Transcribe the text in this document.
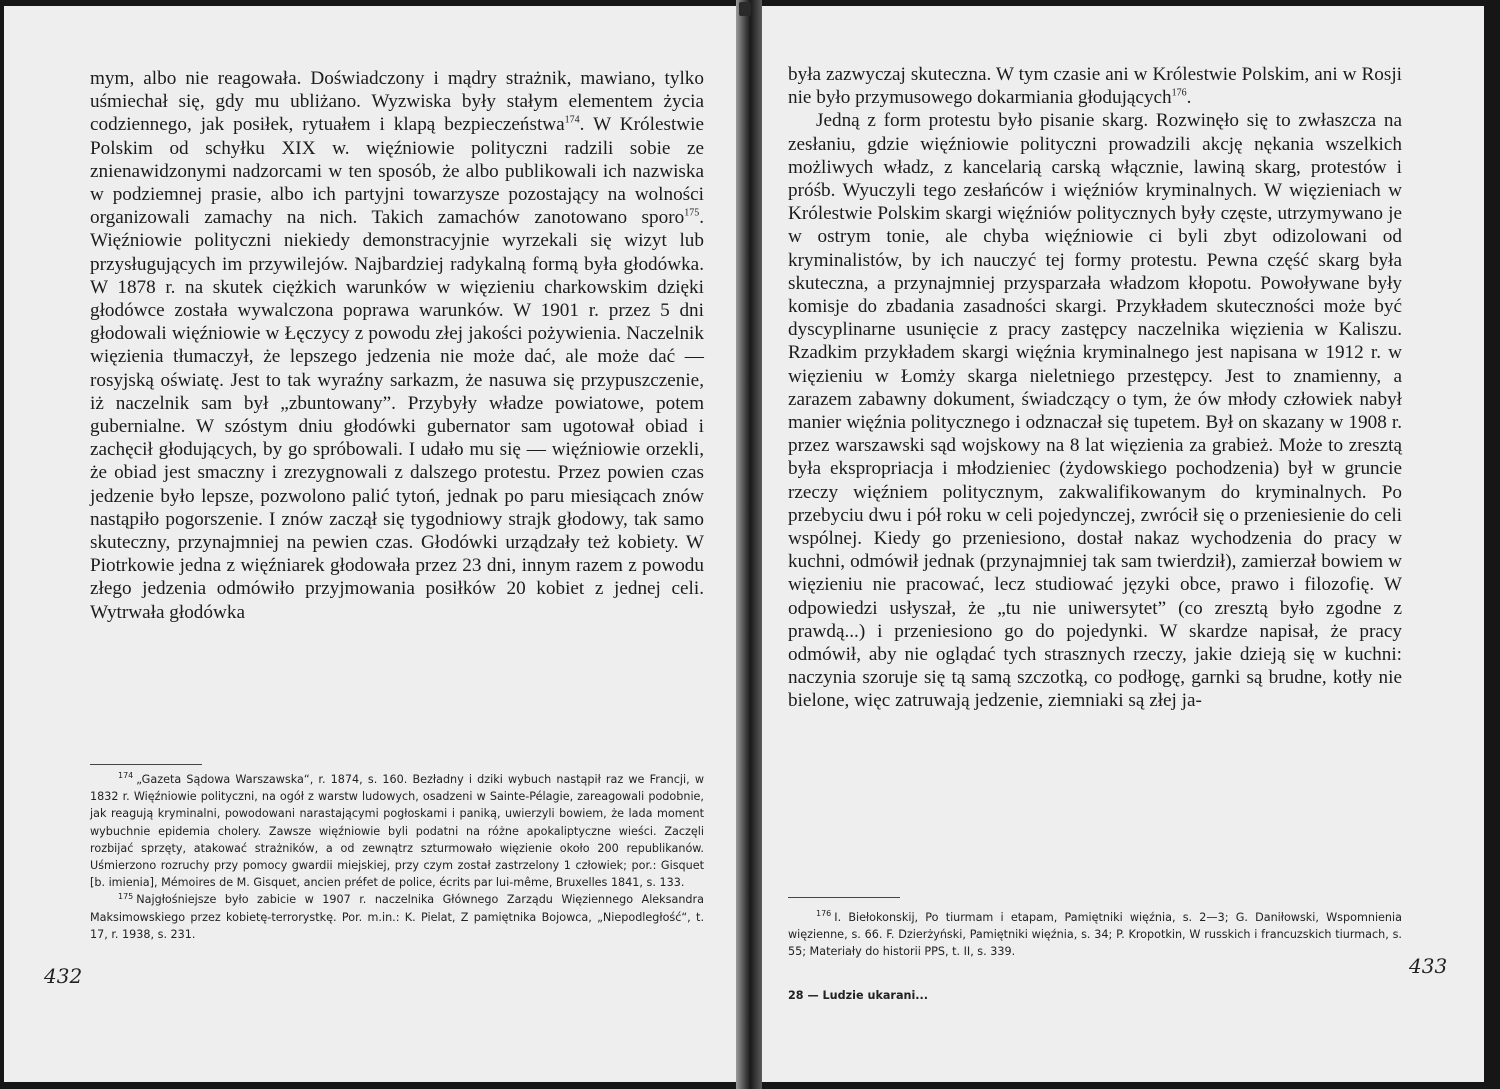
mym, albo nie reagowała. Doświadczony i mądry strażnik, mawiano, tylko uśmiechał się, gdy mu ubliżano. Wyzwiska były stałym elementem życia codziennego, jak posiłek, rytuałem i klapą bezpieczeństwa$^{174}$. W Królestwie Polskim od schyłku XIX w. więźniowie polityczni radzili sobie ze znienawidzonymi nadzorcami w ten sposób, że albo publikowali ich nazwiska w podziemnej prasie, albo ich partyjni towarzysze pozostający na wolności organizowali zamachy na nich. Takich zamachów zanotowano sporo$^{175}$. Więźniowie polityczni niekiedy demonstracyjnie wyrzekali się wizyt lub przysługujących im przywilejów. Najbardziej radykalną formą była głodówka. W 1878 r. na skutek ciężkich warunków w więzieniu charkowskim dzięki głodówce została wywalczona poprawa warunków. W 1901 r. przez 5 dni głodowali więźniowie w Łęczycy z powodu złej jakości pożywienia. Naczelnik więzienia tłumaczył, że lepszego jedzenia nie może dać, ale może dać — rosyjską oświatę. Jest to tak wyraźny sarkazm, że nasuwa się przypuszczenie, iż naczelnik sam był „zbuntowany”. Przybyły władze powiatowe, potem gubernialne. W szóstym dniu głodówki gubernator sam ugotował obiad i zachęcił głodujących, by go spróbowali. I udało mu się — więźniowie orzekli, że obiad jest smaczny i zrezygnowali z dalszego protestu. Przez powien czas jedzenie było lepsze, pozwolono palić tytoń, jednak po paru miesiącach znów nastąpiło pogorszenie. I znów zaczął się tygodniowy strajk głodowy, tak samo skuteczny, przynajmniej na pewien czas. Głodówki urządzały też kobiety. W Piotrkowie jedna z więźniarek głodowała przez 23 dni, innym razem z powodu złego jedzenia odmówiło przyjmowania posiłków 20 kobiet z jednej celi. Wytrwała głodówka

$^{174}$ „Gazeta Sądowa Warszawska“, r. 1874, s. 160. Bezładny i dziki wybuch nastąpił raz we Francji, w 1832 r. Więźniowie polityczni, na ogół z warstw ludowych, osadzeni w Sainte-Pélagie, zareagowali podobnie, jak reagują kryminalni, powodowani narastającymi pogłoskami i paniką, uwierzyli bowiem, że lada moment wybuchnie epidemia cholery. Zawsze więźniowie byli podatni na różne apokaliptyczne wieści. Zaczęli rozbijać sprzęty, atakować strażników, a od zewnątrz szturmowało więzienie około 200 republikanów. Uśmierzono rozruchy przy pomocy gwardii miejskiej, przy czym został zastrzelony 1 człowiek; por.: Gisquet [b. imienia], Mémoires de M. Gisquet, ancien préfet de police, écrits par lui-même, Bruxelles 1841, s. 133.

$^{175}$ Najgłośniejsze było zabicie w 1907 r. naczelnika Głównego Zarządu Więziennego Aleksandra Maksimowskiego przez kobietę-terrorystkę. Por. m.in.: K. Pielat, Z pamiętnika Bojowca, „Niepodległość“, t. 17, r. 1938, s. 231.

432

była zazwyczaj skuteczna. W tym czasie ani w Królestwie Polskim, ani w Rosji nie było przymusowego dokarmiania głodujących$^{176}$.

Jedną z form protestu było pisanie skarg. Rozwinęło się to zwłaszcza na zesłaniu, gdzie więźniowie polityczni prowadzili akcję nękania wszelkich możliwych władz, z kancelarią carską włącznie, lawiną skarg, protestów i próśb. Wyuczyli tego zesłańców i więźniów kryminalnych. W więzieniach w Królestwie Polskim skargi więźniów politycznych były częste, utrzymywano je w ostrym tonie, ale chyba więźniowie ci byli zbyt odizolowani od kryminalistów, by ich nauczyć tej formy protestu. Pewna część skarg była skuteczna, a przynajmniej przysparzała władzom kłopotu. Powoływane były komisje do zbadania zasadności skargi. Przykładem skuteczności może być dyscyplinarne usunięcie z pracy zastępcy naczelnika więzienia w Kaliszu. Rzadkim przykładem skargi więźnia kryminalnego jest napisana w 1912 r. w więzieniu w Łomży skarga nieletniego przestępcy. Jest to znamienny, a zarazem zabawny dokument, świadczący o tym, że ów młody człowiek nabył manier więźnia politycznego i odznaczał się tupetem. Był on skazany w 1908 r. przez warszawski sąd wojskowy na 8 lat więzienia za grabież. Może to zresztą była ekspropriacja i młodzieniec (żydowskiego pochodzenia) był w gruncie rzeczy więźniem politycznym, zakwalifikowanym do kryminalnych. Po przebyciu dwu i pół roku w celi pojedynczej, zwrócił się o przeniesienie do celi wspólnej. Kiedy go przeniesiono, dostał nakaz wychodzenia do pracy w kuchni, odmówił jednak (przynajmniej tak sam twierdził), zamierzał bowiem w więzieniu nie pracować, lecz studiować języki obce, prawo i filozofię. W odpowiedzi usłyszał, że „tu nie uniwersytet” (co zresztą było zgodne z prawdą...) i przeniesiono go do pojedynki. W skardze napisał, że pracy odmówił, aby nie oglądać tych strasznych rzeczy, jakie dzieją się w kuchni: naczynia szoruje się tą samą szczotką, co podłogę, garnki są brudne, kotły nie bielone, więc zatruwają jedzenie, ziemniaki są złej ja-

$^{176}$ I. Biełokonskij, Po tiurmam i etapam, Pamiętniki więźnia, s. 2—3; G. Daniłowski, Wspomnienia więzienne, s. 66. F. Dzierżyński, Pamiętniki więźnia, s. 34; P. Kropotkin, W russkich i francuzskich tiurmach, s. 55; Materiały do historii PPS, t. II, s. 339.

28 — Ludzie ukarani...
433
